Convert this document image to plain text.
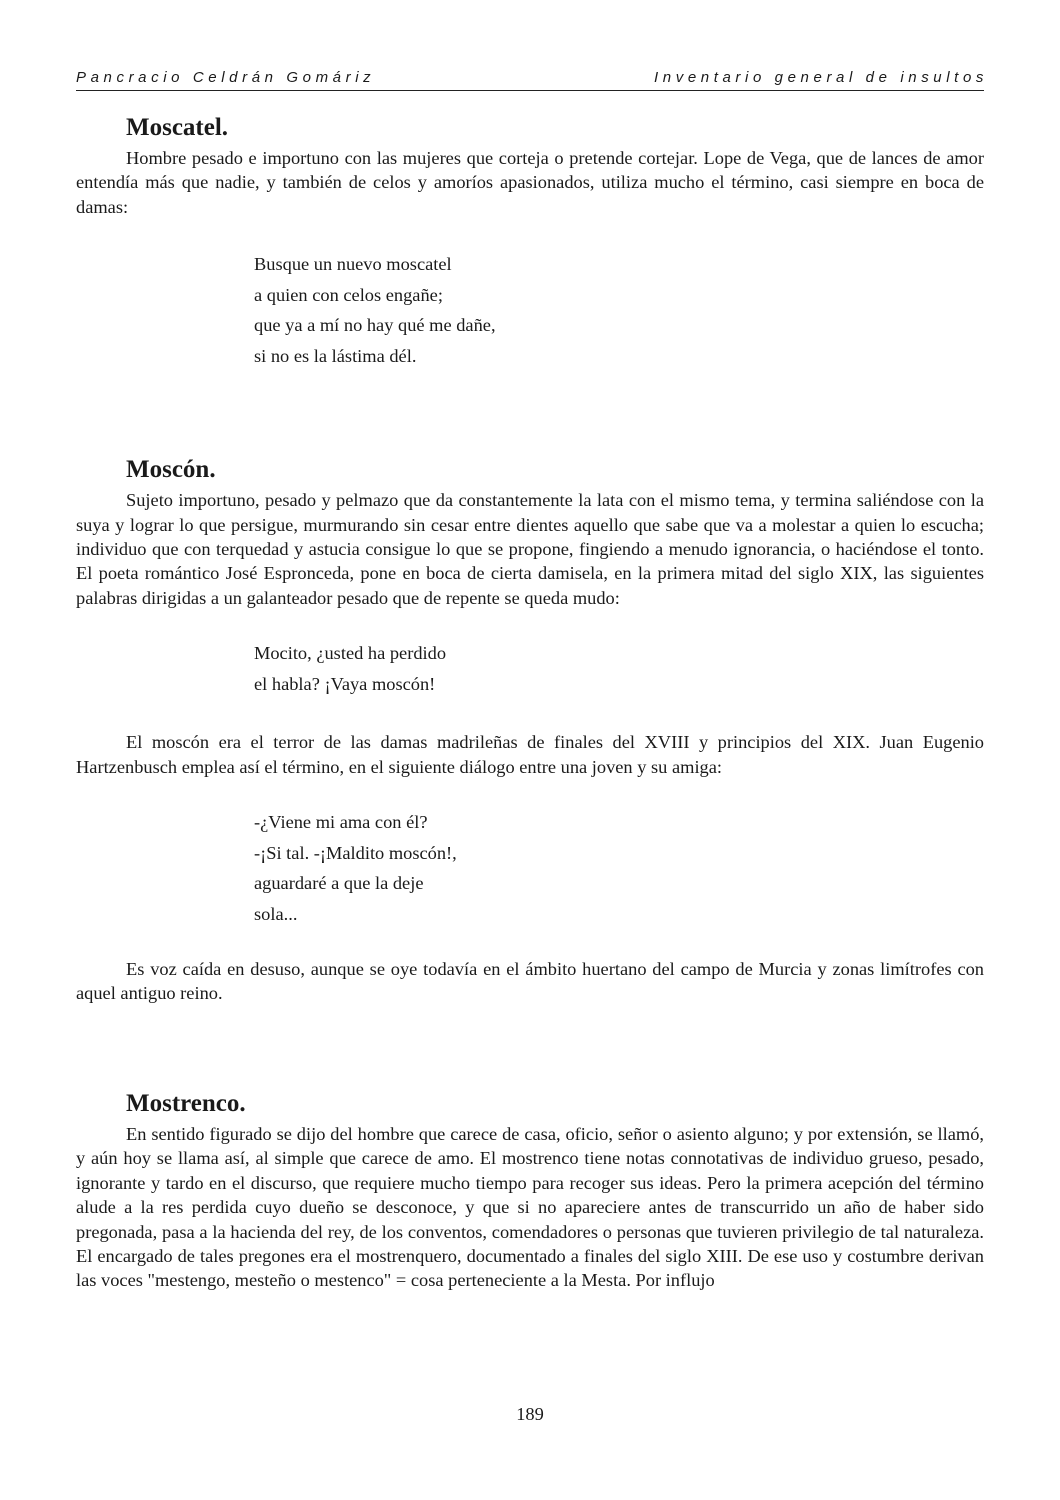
Pancracio Celdrán Gomáriz	Inventario general de insultos
Moscatel.

Hombre pesado e importuno con las mujeres que corteja o pretende cortejar. Lope de Vega, que de lances de amor entendía más que nadie, y también de celos y amoríos apasionados, utiliza mucho el término, casi siempre en boca de damas:

Busque un nuevo moscatel
a quien con celos engañe;
que ya a mí no hay qué me dañe,
si no es la lástima dél.
Moscón.

Sujeto importuno, pesado y pelmazo que da constantemente la lata con el mismo tema, y termina saliéndose con la suya y lograr lo que persigue, murmurando sin cesar entre dientes aquello que sabe que va a molestar a quien lo escucha; individuo que con terquedad y astucia consigue lo que se propone, fingiendo a menudo ignorancia, o haciéndose el tonto. El poeta romántico José Espronceda, pone en boca de cierta damisela, en la primera mitad del siglo XIX, las siguientes palabras dirigidas a un galanteador pesado que de repente se queda mudo:

Mocito, ¿usted ha perdido
el habla? ¡Vaya moscón!

El moscón era el terror de las damas madrileñas de finales del XVIII y principios del XIX. Juan Eugenio Hartzenbusch emplea así el término, en el siguiente diálogo entre una joven y su amiga:

-¿Viene mi ama con él?
-¡Si tal. -¡Maldito moscón!,
aguardaré a que la deje
sola...

Es voz caída en desuso, aunque se oye todavía en el ámbito huertano del campo de Murcia y zonas limítrofes con aquel antiguo reino.

Mostrenco.

En sentido figurado se dijo del hombre que carece de casa, oficio, señor o asiento alguno; y por extensión, se llamó, y aún hoy se llama así, al simple que carece de amo. El mostrenco tiene notas connotativas de individuo grueso, pesado, ignorante y tardo en el discurso, que requiere mucho tiempo para recoger sus ideas. Pero la primera acepción del término alude a la res perdida cuyo dueño se desconoce, y que si no apareciere antes de transcurrido un año de haber sido pregonada, pasa a la hacienda del rey, de los conventos, comendadores o personas que tuvieren privilegio de tal naturaleza. El encargado de tales pregones era el mostrenquero, documentado a finales del siglo XIII. De ese uso y costumbre derivan las voces "mestengo, mesteño o mestenco" = cosa perteneciente a la Mesta. Por influjo

189
